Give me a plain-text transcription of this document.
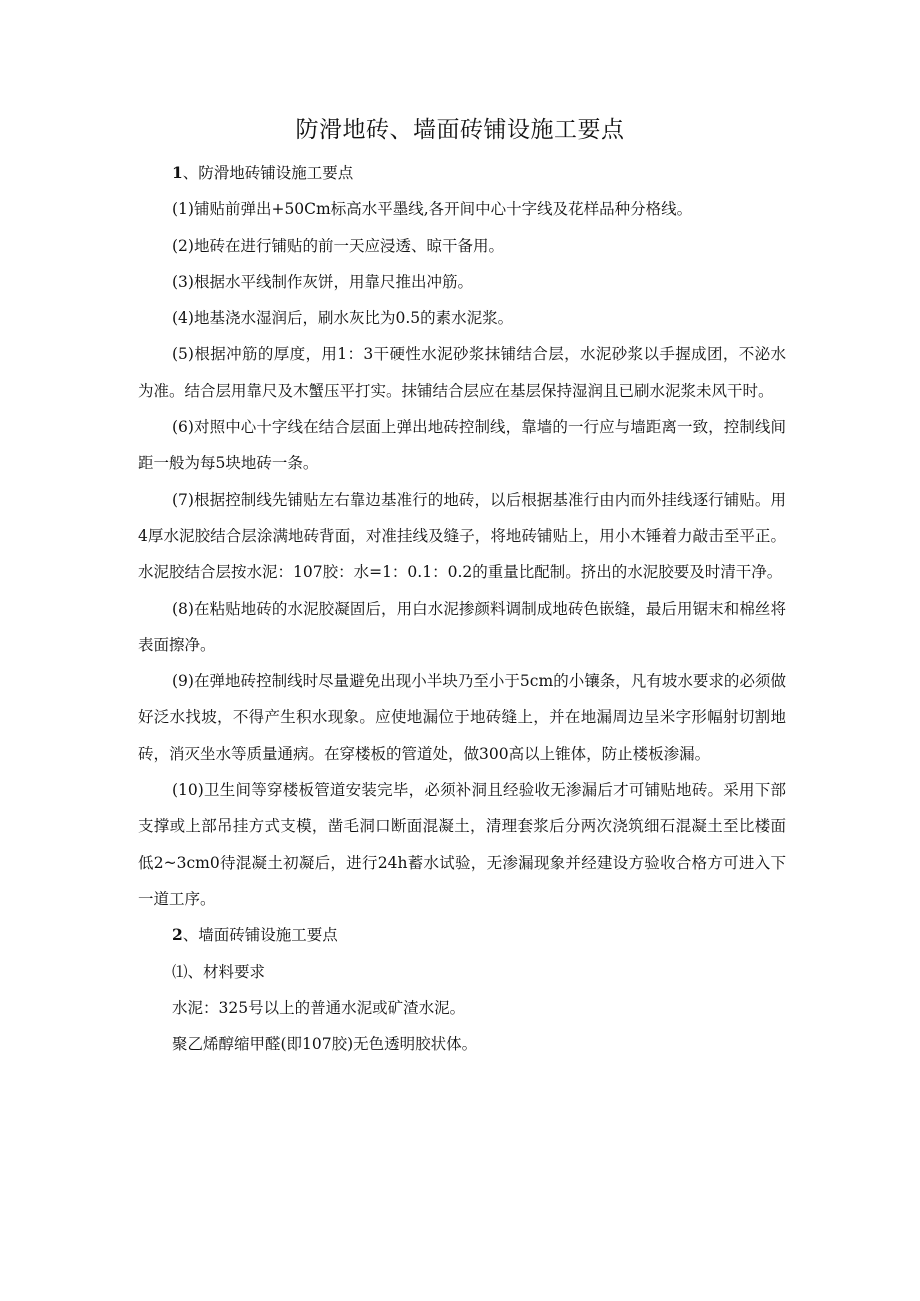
防滑地砖、墙面砖铺设施工要点

1、防滑地砖铺设施工要点

(1)铺贴前弹出+50Cm标高水平墨线,各开间中心十字线及花样品种分格线。

(2)地砖在进行铺贴的前一天应浸透、晾干备用。

(3)根据水平线制作灰饼，用靠尺推出冲筋。

(4)地基浇水湿润后，刷水灰比为0.5的素水泥浆。

(5)根据冲筋的厚度，用1：3干硬性水泥砂浆抹铺结合层，水泥砂浆以手握成团，不泌水为准。结合层用靠尺及木蟹压平打实。抹铺结合层应在基层保持湿润且已刷水泥浆未风干时。

(6)对照中心十字线在结合层面上弹出地砖控制线，靠墙的一行应与墙距离一致，控制线间距一般为每5块地砖一条。

(7)根据控制线先铺贴左右靠边基准行的地砖，以后根据基准行由内而外挂线逐行铺贴。用4厚水泥胶结合层涂满地砖背面，对准挂线及缝子，将地砖铺贴上，用小木锤着力敲击至平正。水泥胶结合层按水泥：107胶：水=1：0.1：0.2的重量比配制。挤出的水泥胶要及时清干净。

(8)在粘贴地砖的水泥胶凝固后，用白水泥掺颜料调制成地砖色嵌缝，最后用锯末和棉丝将表面擦净。

(9)在弹地砖控制线时尽量避免出现小半块乃至小于5cm的小镶条，凡有坡水要求的必须做好泛水找坡，不得产生积水现象。应使地漏位于地砖缝上，并在地漏周边呈米字形幅射切割地砖，消灭坐水等质量通病。在穿楼板的管道处，做300高以上锥体，防止楼板渗漏。

(10)卫生间等穿楼板管道安装完毕，必须补洞且经验收无渗漏后才可铺贴地砖。采用下部支撑或上部吊挂方式支模，凿毛洞口断面混凝土，清理套浆后分两次浇筑细石混凝土至比楼面低2~3cm0待混凝土初凝后，进行24h蓄水试验，无渗漏现象并经建设方验收合格方可进入下一道工序。

2、墙面砖铺设施工要点

⑴、材料要求

水泥：325号以上的普通水泥或矿渣水泥。

聚乙烯醇缩甲醛(即107胶)无色透明胶状体。
